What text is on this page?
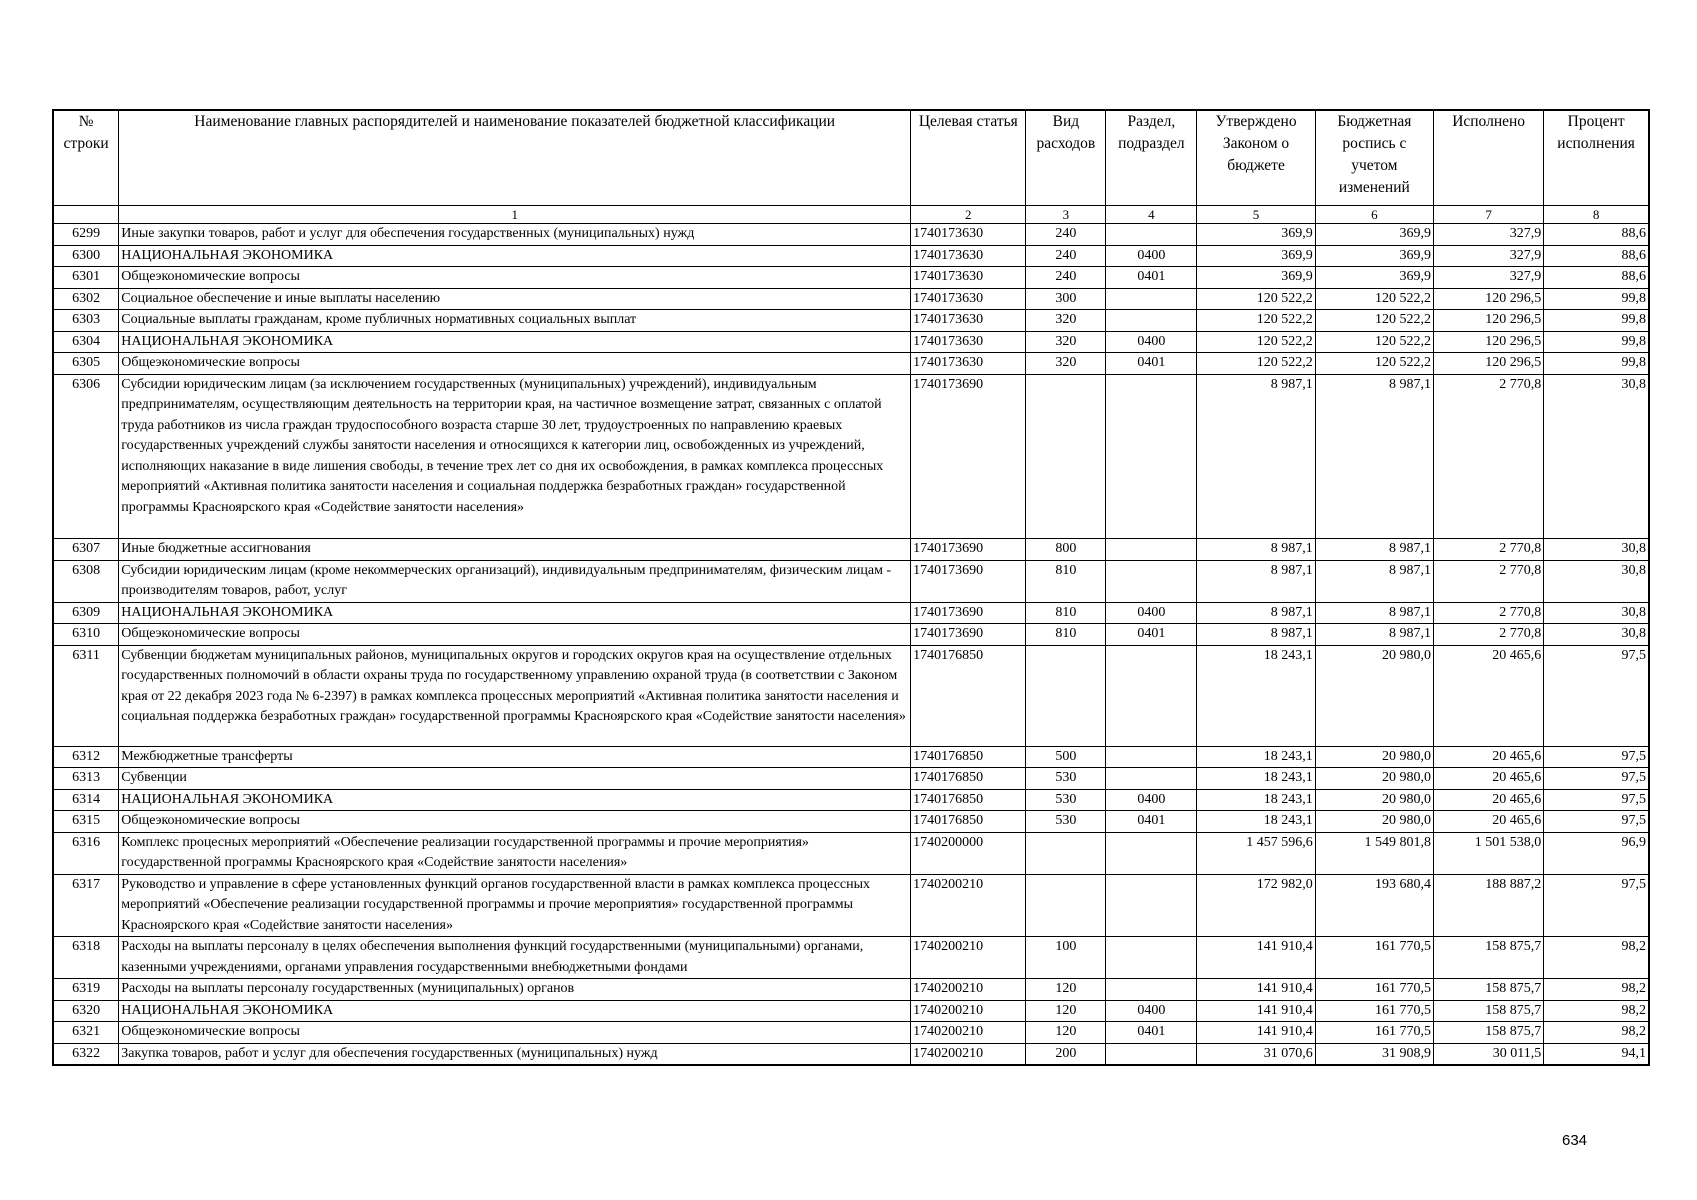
№ строки	Наименование главных распорядителей и наименование показателей бюджетной классификации	Целевая статья	Вид расходов	Раздел, подраздел	Утверждено Законом о бюджете	Бюджетная роспись с учетом изменений	Исполнено	Процент исполнения
	1	2	3	4	5	6	7	8
6299	Иные закупки товаров, работ и услуг для обеспечения государственных (муниципальных) нужд	1740173630	240		369,9	369,9	327,9	88,6
6300	НАЦИОНАЛЬНАЯ ЭКОНОМИКА	1740173630	240	0400	369,9	369,9	327,9	88,6
6301	Общеэкономические вопросы	1740173630	240	0401	369,9	369,9	327,9	88,6
6302	Социальное обеспечение и иные выплаты населению	1740173630	300		120 522,2	120 522,2	120 296,5	99,8
6303	Социальные выплаты гражданам, кроме публичных нормативных социальных выплат	1740173630	320		120 522,2	120 522,2	120 296,5	99,8
6304	НАЦИОНАЛЬНАЯ ЭКОНОМИКА	1740173630	320	0400	120 522,2	120 522,2	120 296,5	99,8
6305	Общеэкономические вопросы	1740173630	320	0401	120 522,2	120 522,2	120 296,5	99,8
6306	Субсидии юридическим лицам (за исключением государственных (муниципальных) учреждений), индивидуальным предпринимателям, осуществляющим деятельность на территории края, на частичное возмещение затрат, связанных с оплатой труда работников из числа граждан трудоспособного возраста старше 30 лет, трудоустроенных по направлению краевых государственных учреждений службы занятости населения и относящихся к категории лиц, освобожденных из учреждений, исполняющих наказание в виде лишения свободы, в течение трех лет со дня их освобождения, в рамках комплекса процессных мероприятий «Активная политика занятости населения и социальная поддержка безработных граждан» государственной программы Красноярского края «Содействие занятости населения»	1740173690			8 987,1	8 987,1	2 770,8	30,8
6307	Иные бюджетные ассигнования	1740173690	800		8 987,1	8 987,1	2 770,8	30,8
6308	Субсидии юридическим лицам (кроме некоммерческих организаций), индивидуальным предпринимателям, физическим лицам - производителям товаров, работ, услуг	1740173690	810		8 987,1	8 987,1	2 770,8	30,8
6309	НАЦИОНАЛЬНАЯ ЭКОНОМИКА	1740173690	810	0400	8 987,1	8 987,1	2 770,8	30,8
6310	Общеэкономические вопросы	1740173690	810	0401	8 987,1	8 987,1	2 770,8	30,8
6311	Субвенции бюджетам муниципальных районов, муниципальных округов и городских округов края на осуществление отдельных государственных полномочий в области охраны труда по государственному управлению охраной труда (в соответствии с Законом края от 22 декабря 2023 года № 6-2397) в рамках комплекса процессных мероприятий «Активная политика занятости населения и социальная поддержка безработных граждан» государственной программы Красноярского края «Содействие занятости населения»	1740176850			18 243,1	20 980,0	20 465,6	97,5
6312	Межбюджетные трансферты	1740176850	500		18 243,1	20 980,0	20 465,6	97,5
6313	Субвенции	1740176850	530		18 243,1	20 980,0	20 465,6	97,5
6314	НАЦИОНАЛЬНАЯ ЭКОНОМИКА	1740176850	530	0400	18 243,1	20 980,0	20 465,6	97,5
6315	Общеэкономические вопросы	1740176850	530	0401	18 243,1	20 980,0	20 465,6	97,5
6316	Комплекс процесных мероприятий «Обеспечение реализации государственной программы и прочие мероприятия» государственной программы Красноярского края «Содействие занятости населения»	1740200000			1 457 596,6	1 549 801,8	1 501 538,0	96,9
6317	Руководство и управление в сфере установленных функций органов государственной власти в рамках комплекса процессных мероприятий «Обеспечение реализации государственной программы и прочие мероприятия» государственной программы Красноярского края «Содействие занятости населения»	1740200210			172 982,0	193 680,4	188 887,2	97,5
6318	Расходы на выплаты персоналу в целях обеспечения выполнения функций государственными (муниципальными) органами, казенными учреждениями, органами управления государственными внебюджетными фондами	1740200210	100		141 910,4	161 770,5	158 875,7	98,2
6319	Расходы на выплаты персоналу государственных (муниципальных) органов	1740200210	120		141 910,4	161 770,5	158 875,7	98,2
6320	НАЦИОНАЛЬНАЯ ЭКОНОМИКА	1740200210	120	0400	141 910,4	161 770,5	158 875,7	98,2
6321	Общеэкономические вопросы	1740200210	120	0401	141 910,4	161 770,5	158 875,7	98,2
6322	Закупка товаров, работ и услуг для обеспечения государственных (муниципальных) нужд	1740200210	200		31 070,6	31 908,9	30 011,5	94,1
634
